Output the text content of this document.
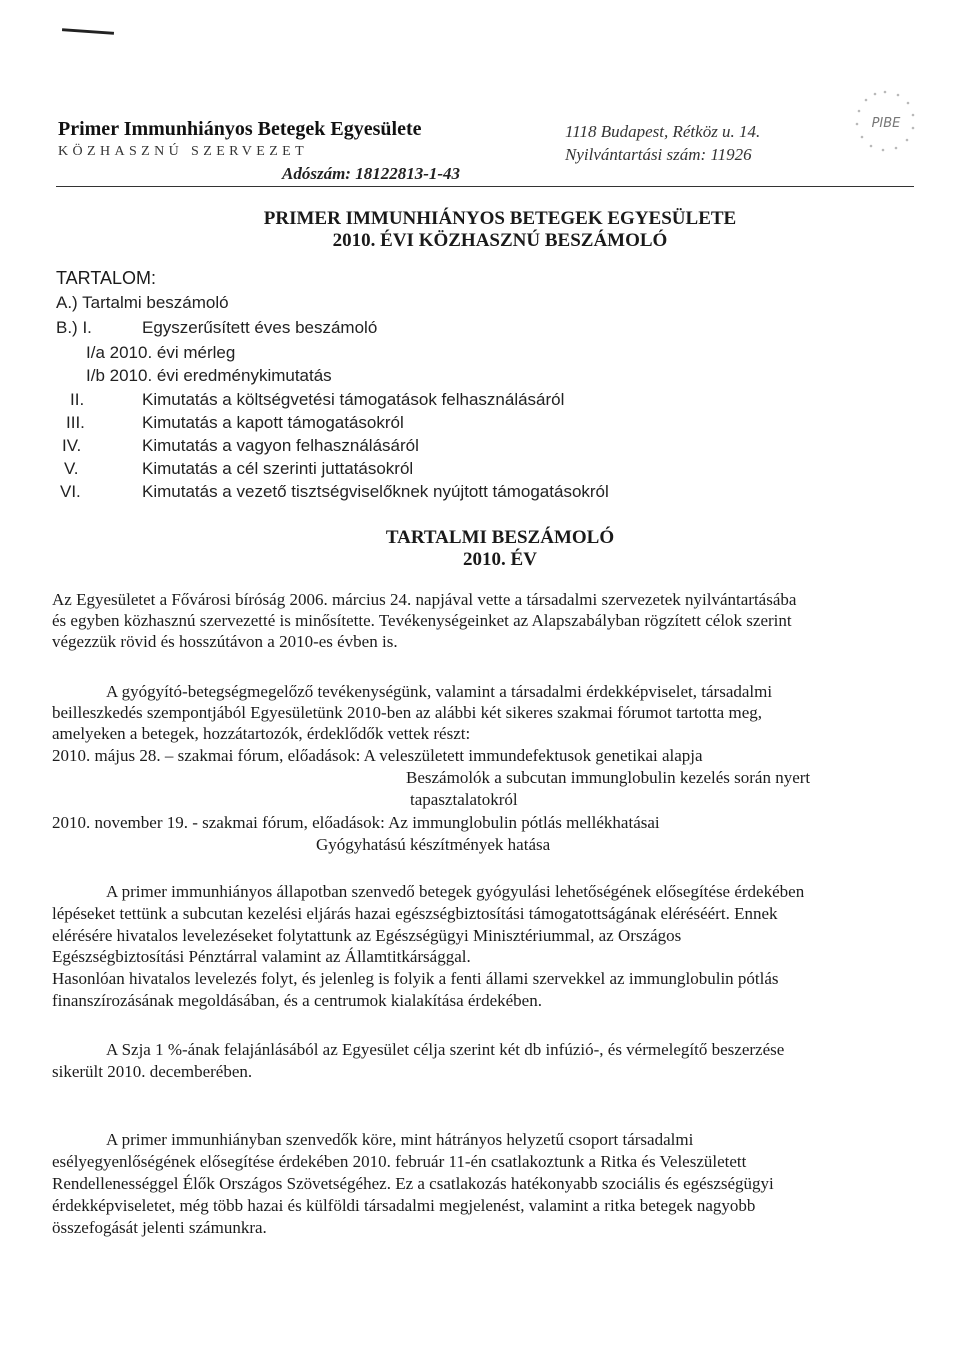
Primer Immunhiányos Betegek Egyesülete
KÖZHASZNÚ SZERVEZET
1118 Budapest, Rétköz u. 14.
Nyilvántartási szám: 11926
Adószám: 18122813-1-43
PIBE
PRIMER IMMUNHIÁNYOS BETEGEK EGYESÜLETE
2010. ÉVI KÖZHASZNÚ BESZÁMOLÓ
TARTALOM:
A.) Tartalmi beszámoló
B.) I.	Egyszerűsített éves beszámoló
I/a 2010. évi mérleg
I/b 2010. évi eredménykimutatás
II.	Kimutatás a költségvetési támogatások felhasználásáról
III.	Kimutatás a kapott támogatásokról
IV.	Kimutatás a vagyon felhasználásáról
V.	Kimutatás a cél szerinti juttatásokról
VI.	Kimutatás a vezető tisztségviselőknek nyújtott támogatásokról
TARTALMI BESZÁMOLÓ
2010. ÉV
Az Egyesületet a Fővárosi bíróság 2006. március 24. napjával vette a társadalmi szervezetek nyilvántartásába
és egyben közhasznú szervezetté is minősítette. Tevékenységeinket az Alapszabályban rögzített célok szerint
végezzük rövid és hosszútávon a 2010-es évben is.
A gyógyító-betegségmegelőző tevékenységünk, valamint a társadalmi érdekképviselet, társadalmi
beilleszkedés szempontjából Egyesületünk 2010-ben az alábbi két sikeres szakmai fórumot tartotta meg,
amelyeken a betegek, hozzátartozók, érdeklődők vettek részt:
2010. május 28. – szakmai fórum, előadások: A veleszületett immundefektusok genetikai alapja
Beszámolók a subcutan immunglobulin kezelés során nyert
tapasztalatokról
2010. november 19. - szakmai fórum, előadások: Az immunglobulin pótlás mellékhatásai
Gyógyhatású készítmények hatása
A primer immunhiányos állapotban szenvedő betegek gyógyulási lehetőségének elősegítése érdekében
lépéseket tettünk a subcutan kezelési eljárás hazai egészségbiztosítási támogatottságának eléréséért. Ennek
elérésére hivatalos levelezéseket folytattunk az Egészségügyi Minisztériummal, az Országos
Egészségbiztosítási Pénztárral valamint az Államtitkársággal.
Hasonlóan hivatalos levelezés folyt, és jelenleg is folyik a fenti állami szervekkel az immunglobulin pótlás
finanszírozásának megoldásában, és a centrumok kialakítása érdekében.
A Szja 1 %-ának felajánlásából az Egyesület célja szerint két db infúzió-, és vérmelegítő beszerzése
sikerült 2010. decemberében.
A primer immunhiányban szenvedők köre, mint hátrányos helyzetű csoport társadalmi
esélyegyenlőségének elősegítése érdekében 2010. február 11-én csatlakoztunk a Ritka és Veleszületett
Rendellenességgel Élők Országos Szövetségéhez. Ez a csatlakozás hatékonyabb szociális és egészségügyi
érdekképviseletet, még több hazai és külföldi társadalmi megjelenést, valamint a ritka betegek nagyobb
összefogását jelenti számunkra.
